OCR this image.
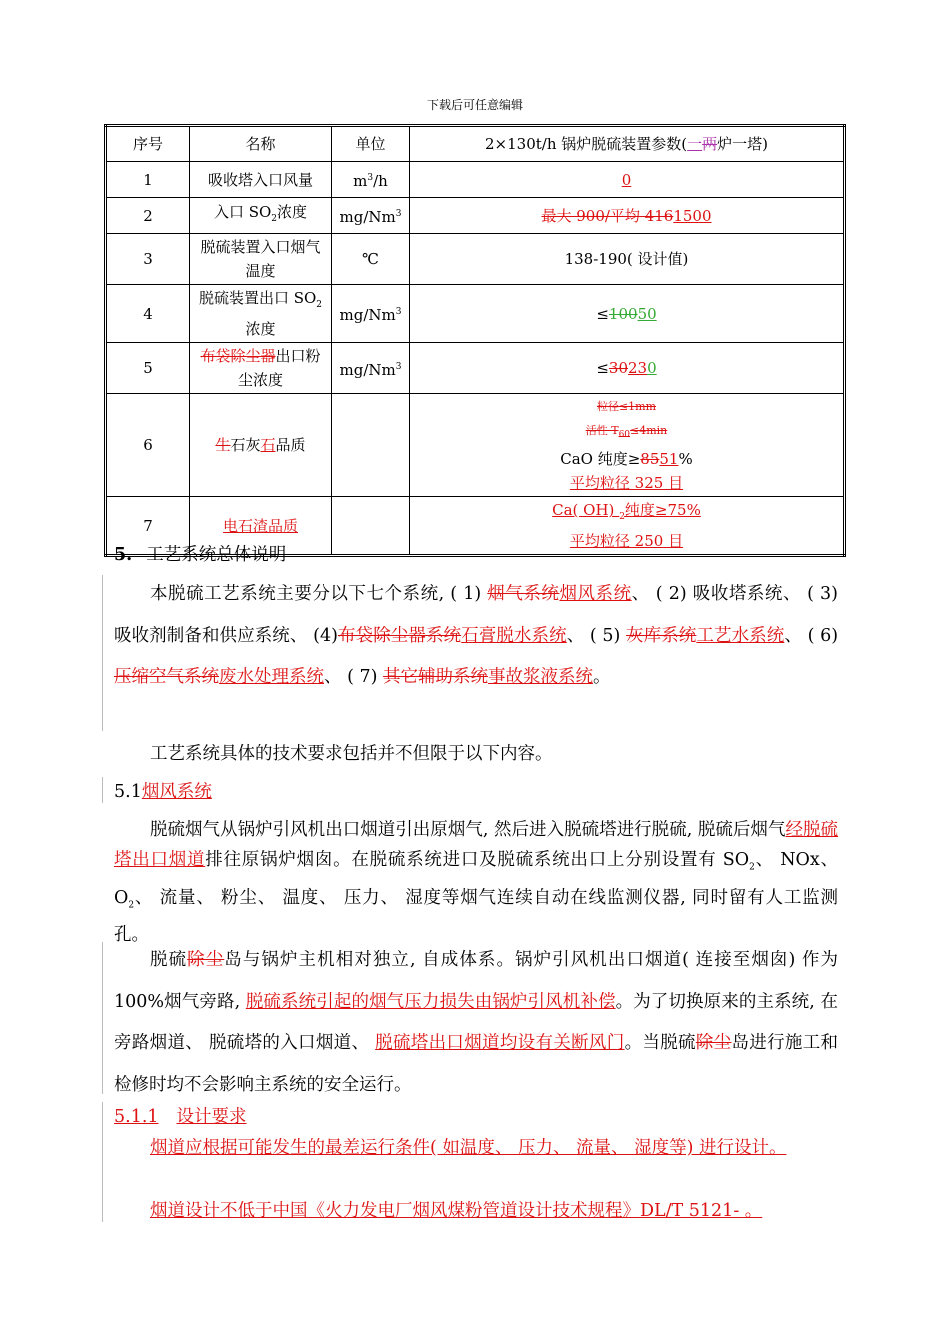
下载后可任意编辑
序号	名称	单位	2×130t/h 锅炉脱硫装置参数(一两炉一塔)
1	吸收塔入口风量	$m^3/h$	0
2	入口 $SO_2$浓度	mg/Nm$^3$	最大 900/平均 4161500
3	脱硫装置入口烟气温度	℃	138-190( 设计值)
4	脱硫装置出口 $SO_2$浓度	$mg/Nm^3$	≤10050
5	布袋除尘器出口粉尘浓度	$mg/Nm^3$	≤30230
6	生石灰石品质		粒径≤1mm
活性 $T_{60}\le 4\min$
CaO 纯度≥8551%
平均粒径 325 目

7	电石渣品质		Ca( OH) $_2$纯度≥75%
平均粒径 250 目
5. 工艺系统总体说明
本脱硫工艺系统主要分以下七个系统, ( 1) 烟气系统烟风系统、 ( 2) 吸收塔系统、 ( 3) 吸收剂制备和供应系统、 (4)布袋除尘器系统石膏脱水系统、 ( 5) 灰库系统工艺水系统、 ( 6) 压缩空气系统废水处理系统、 ( 7) 其它辅助系统事故浆液系统。
工艺系统具体的技术要求包括并不但限于以下内容。
5.1烟风系统
脱硫烟气从锅炉引风机出口烟道引出原烟气, 然后进入脱硫塔进行脱硫, 脱硫后烟气经脱硫塔出口烟道排往原锅炉烟囱。在脱硫系统进口及脱硫系统出口上分别设置有 $SO_2$、 NOx、 $O_2$、 流量、 粉尘、 温度、 压力、 湿度等烟气连续自动在线监测仪器, 同时留有人工监测孔。
脱硫除尘岛与锅炉主机相对独立, 自成体系。锅炉引风机出口烟道( 连接至烟囱) 作为100%烟气旁路, 脱硫系统引起的烟气压力损失由锅炉引风机补偿。为了切换原来的主系统, 在旁路烟道、 脱硫塔的入口烟道、 脱硫塔出口烟道均设有关断风门。当脱硫除尘岛进行施工和检修时均不会影响主系统的安全运行。
5.1.1 设计要求
烟道应根据可能发生的最差运行条件( 如温度、 压力、 流量、 湿度等) 进行设计。
烟道设计不低于中国《火力发电厂烟风煤粉管道设计技术规程》DL/T 5121- 。
